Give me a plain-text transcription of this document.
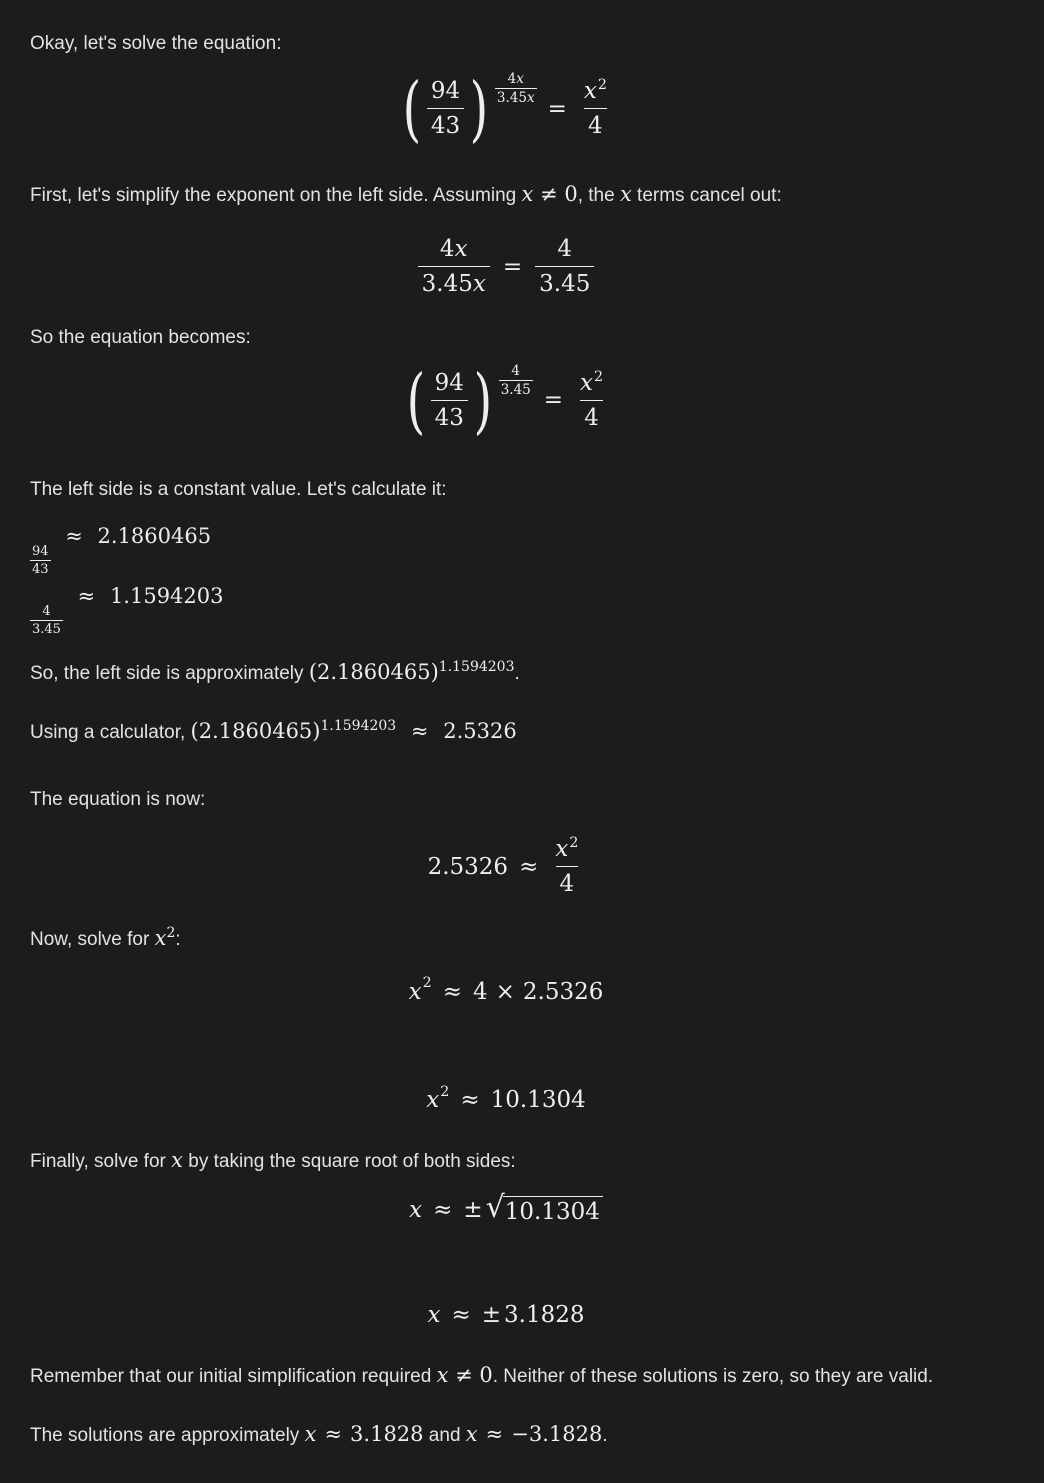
Okay, let's solve the equation:

( $\frac{94}{43}$ ) $\frac{4x}{3.45x}$
= $\frac{x^2}{4}$

First, let's simplify the exponent on the left side. Assuming x ≠ 0, the x terms cancel out:

$\frac{4x}{3.45x} = \frac{4}{3.45}$

So the equation becomes:

( $\frac{94}{43}$ ) $\frac{4}{3.45}$
= $\frac{x^2}{4}$

The left side is a constant value. Let's calculate it:

$\frac{94}{43}$
≈ 2.1860465
$\frac{4}{3.45}$
≈ 1.1594203

So, the left side is approximately $(2.1860465)^{1.1594203}$.

Using a calculator, $(2.1860465)^{1.1594203} \approx 2.5326$

The equation is now:

$2.5326 \approx \frac{x^2}{4}$

Now, solve for $x^2$:

x 2 ≈ 4 × 2.5326
x 2 ≈ 10.1304

Finally, solve for x by taking the square root of both sides:

x ≈ ± √ 10.1304
x ≈ ± 3.1828

Remember that our initial simplification required x ≠ 0. Neither of these solutions is zero, so they are valid.

The solutions are approximately x ≈ 3.1828 and x ≈ −3.1828.
